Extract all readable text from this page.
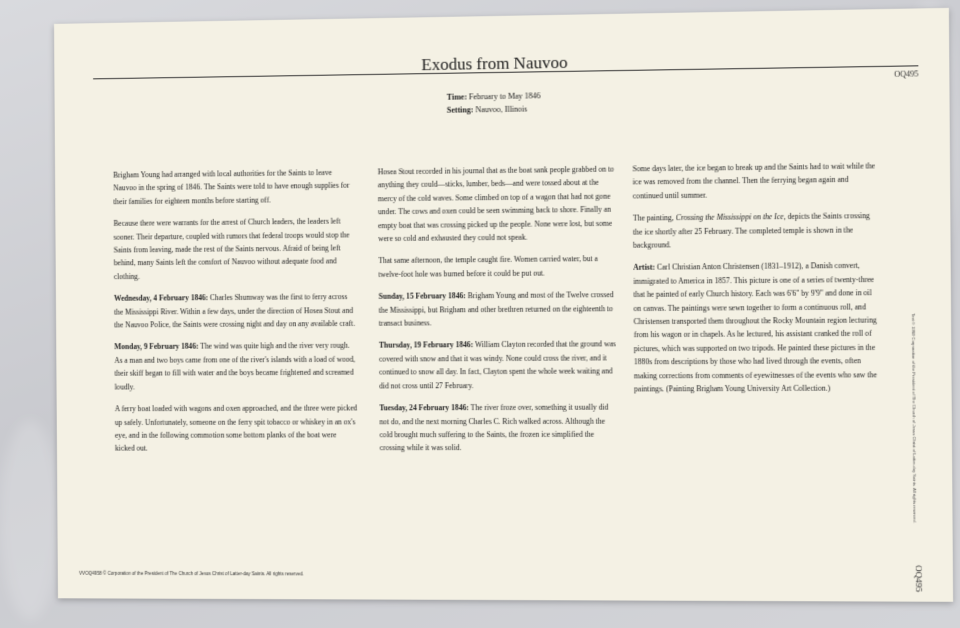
Exodus from Nauvoo	OQ495
Time: February to May 1846
Setting: Nauvoo, Illinois

Brigham Young had arranged with local authorities for the Saints to leave Nauvoo in the spring of 1846. The Saints were told to have enough supplies for their families for eighteen months before starting off.

Because there were warrants for the arrest of Church leaders, the leaders left sooner. Their departure, coupled with rumors that federal troops would stop the Saints from leaving, made the rest of the Saints nervous. Afraid of being left behind, many Saints left the comfort of Nauvoo without adequate food and clothing.

Wednesday, 4 February 1846: Charles Shumway was the first to ferry across the Mississippi River. Within a few days, under the direction of Hosea Stout and the Nauvoo Police, the Saints were crossing night and day on any available craft.

Monday, 9 February 1846: The wind was quite high and the river very rough. As a man and two boys came from one of the river's islands with a load of wood, their skiff began to fill with water and the boys became frightened and screamed loudly.

A ferry boat loaded with wagons and oxen approached, and the three were picked up safely. Unfortunately, someone on the ferry spit tobacco or whiskey in an ox's eye, and in the following commotion some bottom planks of the boat were kicked out.

Hosea Stout recorded in his journal that as the boat sank people grabbed on to anything they could—sticks, lumber, beds—and were tossed about at the mercy of the cold waves. Some climbed on top of a wagon that had not gone under. The cows and oxen could be seen swimming back to shore. Finally an empty boat that was crossing picked up the people. None were lost, but some were so cold and exhausted they could not speak.

That same afternoon, the temple caught fire. Women carried water, but a twelve-foot hole was burned before it could be put out.

Sunday, 15 February 1846: Brigham Young and most of the Twelve crossed the Mississippi, but Brigham and other brethren returned on the eighteenth to transact business.

Thursday, 19 February 1846: William Clayton recorded that the ground was covered with snow and that it was windy. None could cross the river, and it continued to snow all day. In fact, Clayton spent the whole week waiting and did not cross until 27 February.

Tuesday, 24 February 1846: The river froze over, something it usually did not do, and the next morning Charles C. Rich walked across. Although the cold brought much suffering to the Saints, the frozen ice simplified the crossing while it was solid.

Some days later, the ice began to break up and the Saints had to wait while the ice was removed from the channel. Then the ferrying began again and continued until summer.

The painting, Crossing the Mississippi on the Ice, depicts the Saints crossing the ice shortly after 25 February. The completed temple is shown in the background.

Artist: Carl Christian Anton Christensen (1831–1912), a Danish convert, immigrated to America in 1857. This picture is one of a series of twenty-three that he painted of early Church history. Each was 6'6" by 9'9" and done in oil on canvas. The paintings were sewn together to form a continuous roll, and Christensen transported them throughout the Rocky Mountain region lecturing from his wagon or in chapels. As he lectured, his assistant cranked the roll of pictures, which was supported on two tripods. He painted these pictures in the 1880s from descriptions by those who had lived through the events, often making corrections from comments of eyewitnesses of the events who saw the paintings. (Painting Brigham Young University Art Collection.)

VVOQ4958 © Corporation of the President of The Church of Jesus Christ of Latter-day Saints. All rights reserved.
Text © 1989 Corporation of the President of The Church of Jesus Christ of Latter-day Saints. All rights reserved.
OQ495
